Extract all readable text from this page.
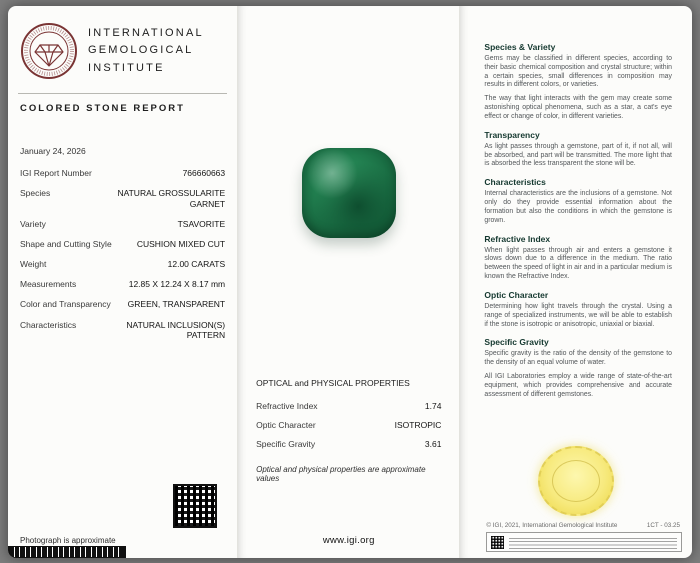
INTERNATIONAL
GEMOLOGICAL
INSTITUTE
COLORED STONE REPORT
January 24, 2026
IGI Report Number	766660663
Species	NATURAL GROSSULARITE GARNET
Variety	TSAVORITE
Shape and Cutting Style	CUSHION MIXED CUT
Weight	12.00 CARATS
Measurements	12.85 X 12.24 X 8.17 mm
Color and Transparency	GREEN, TRANSPARENT
Characteristics	NATURAL INCLUSION(S) PATTERN
Photograph is approximate
OPTICAL and PHYSICAL PROPERTIES
Refractive Index	1.74
Optic Character	ISOTROPIC
Specific Gravity	3.61
Optical and physical properties are approximate values
www.igi.org
Species & Variety

Gems may be classified in different species, according to their basic chemical composition and crystal structure; within a certain species, small differences in composition may results in different colors, or varieties.

The way that light interacts with the gem may create some astonishing optical phenomena, such as a star, a cat's eye effect or change of color, in different varieties.

Transparency

As light passes through a gemstone, part of it, if not all, will be absorbed, and part will be transmitted. The more light that is absorbed the less transparent the stone will be.

Characteristics

Internal characteristics are the inclusions of a gemstone. Not only do they provide essential information about the formation but also the conditions in which the gemstone is grown.

Refractive Index

When light passes through air and enters a gemstone it slows down due to a difference in the medium. The ratio between the speed of light in air and in a particular medium is known the Refractive Index.

Optic Character

Determining how light travels through the crystal. Using a range of specialized instruments, we will be able to establish if the stone is isotropic or anisotropic, uniaxial or biaxial.

Specific Gravity

Specific gravity is the ratio of the density of the gemstone to the density of an equal volume of water.

All IGI Laboratories employ a wide range of state-of-the-art equipment, which provides comprehensive and accurate assessment of different gemstones.

© IGI, 2021, International Gemological Institute	1CT - 03.25
